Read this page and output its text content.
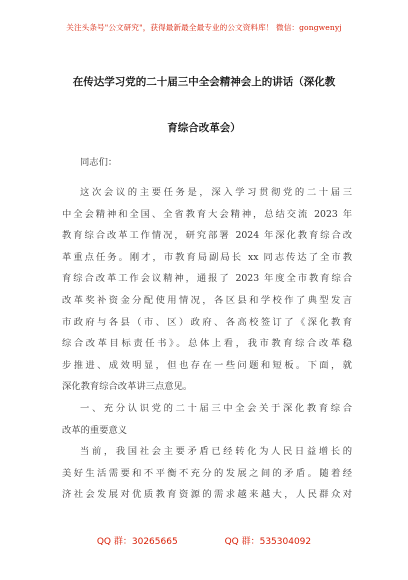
关注头条号"公文研究"，获得最新最全最专业的公文资料库！ 微信：gongwenyj
在传达学习党的二十届三中全会精神会上的讲话（深化教
育综合改革会）
同志们：
这次会议的主要任务是，深入学习贯彻党的二十届三
中全会精神和全国、全省教育大会精神，总结交流 2023 年
教育综合改革工作情况，研究部署 2024 年深化教育综合改
革重点任务。刚才，市教育局副局长 xx 同志传达了全市教
育综合改革工作会议精神，通报了 2023 年度全市教育综合
改革奖补资金分配使用情况，各区县和学校作了典型发言
市政府与各县（市、区）政府、各高校签订了《深化教育
综合改革目标责任书》。总体上看，我市教育综合改革稳
步推进、成效明显，但也存在一些问题和短板。下面，就
深化教育综合改革讲三点意见。
一、充分认识党的二十届三中全会关于深化教育综合
改革的重要意义
当前，我国社会主要矛盾已经转化为人民日益增长的
美好生活需要和不平衡不充分的发展之间的矛盾。随着经
济社会发展对优质教育资源的需求越来越大，人民群众对
QQ 群：30265665	QQ 群：535304092
